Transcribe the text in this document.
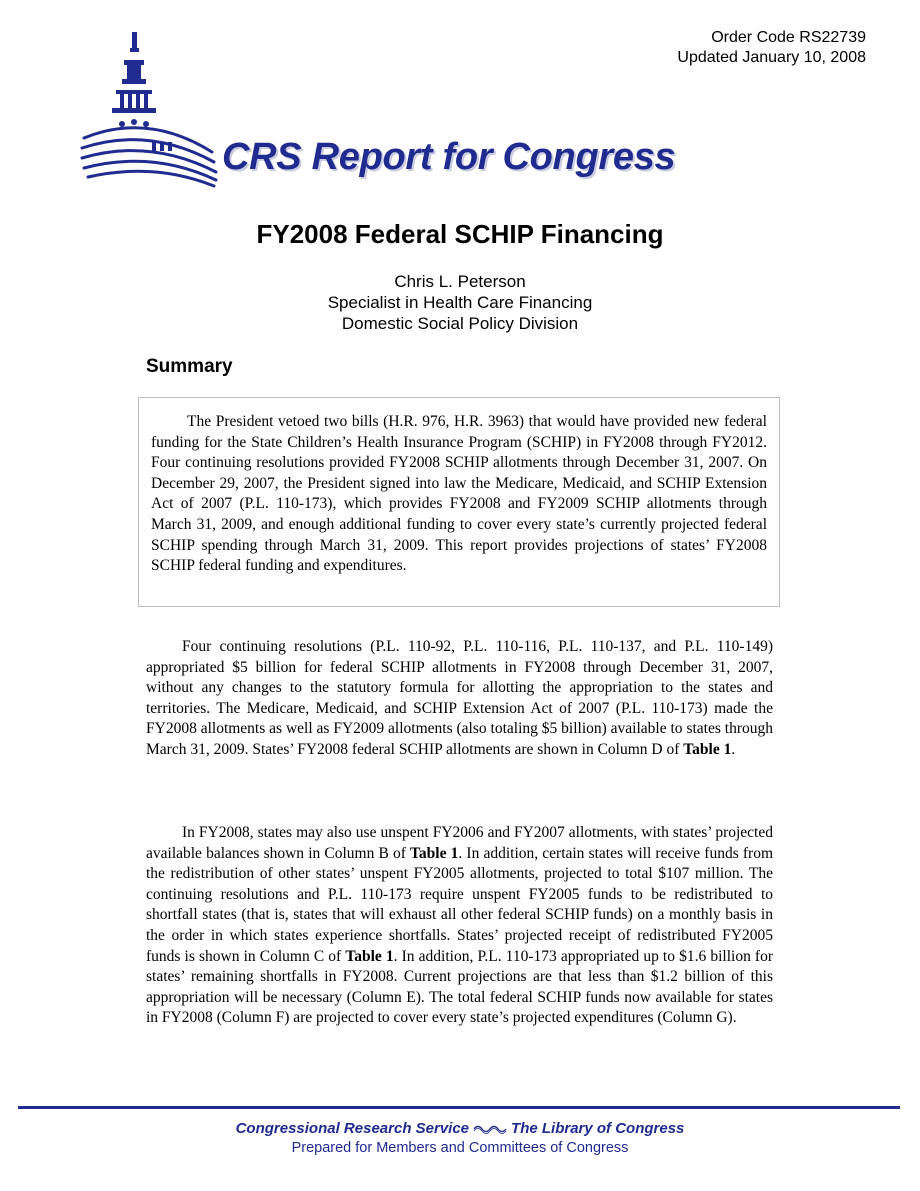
Order Code RS22739
Updated January 10, 2008
CRS Report for Congress
FY2008 Federal SCHIP Financing
Chris L. Peterson
Specialist in Health Care Financing
Domestic Social Policy Division
Summary

The President vetoed two bills (H.R. 976, H.R. 3963) that would have provided new federal funding for the State Children’s Health Insurance Program (SCHIP) in FY2008 through FY2012. Four continuing resolutions provided FY2008 SCHIP allotments through December 31, 2007. On December 29, 2007, the President signed into law the Medicare, Medicaid, and SCHIP Extension Act of 2007 (P.L. 110-173), which provides FY2008 and FY2009 SCHIP allotments through March 31, 2009, and enough additional funding to cover every state’s currently projected federal SCHIP spending through March 31, 2009. This report provides projections of states’ FY2008 SCHIP federal funding and expenditures.

Four continuing resolutions (P.L. 110-92, P.L. 110-116, P.L. 110-137, and P.L. 110-149) appropriated $5 billion for federal SCHIP allotments in FY2008 through December 31, 2007, without any changes to the statutory formula for allotting the appropriation to the states and territories. The Medicare, Medicaid, and SCHIP Extension Act of 2007 (P.L. 110-173) made the FY2008 allotments as well as FY2009 allotments (also totaling $5 billion) available to states through March 31, 2009. States’ FY2008 federal SCHIP allotments are shown in Column D of Table 1.

In FY2008, states may also use unspent FY2006 and FY2007 allotments, with states’ projected available balances shown in Column B of Table 1. In addition, certain states will receive funds from the redistribution of other states’ unspent FY2005 allotments, projected to total $107 million. The continuing resolutions and P.L. 110-173 require unspent FY2005 funds to be redistributed to shortfall states (that is, states that will exhaust all other federal SCHIP funds) on a monthly basis in the order in which states experience shortfalls. States’ projected receipt of redistributed FY2005 funds is shown in Column C of Table 1. In addition, P.L. 110-173 appropriated up to $1.6 billion for states’ remaining shortfalls in FY2008. Current projections are that less than $1.2 billion of this appropriation will be necessary (Column E). The total federal SCHIP funds now available for states in FY2008 (Column F) are projected to cover every state’s projected expenditures (Column G).

Congressional Research Service	The Library of Congress
Prepared for Members and Committees of Congress
